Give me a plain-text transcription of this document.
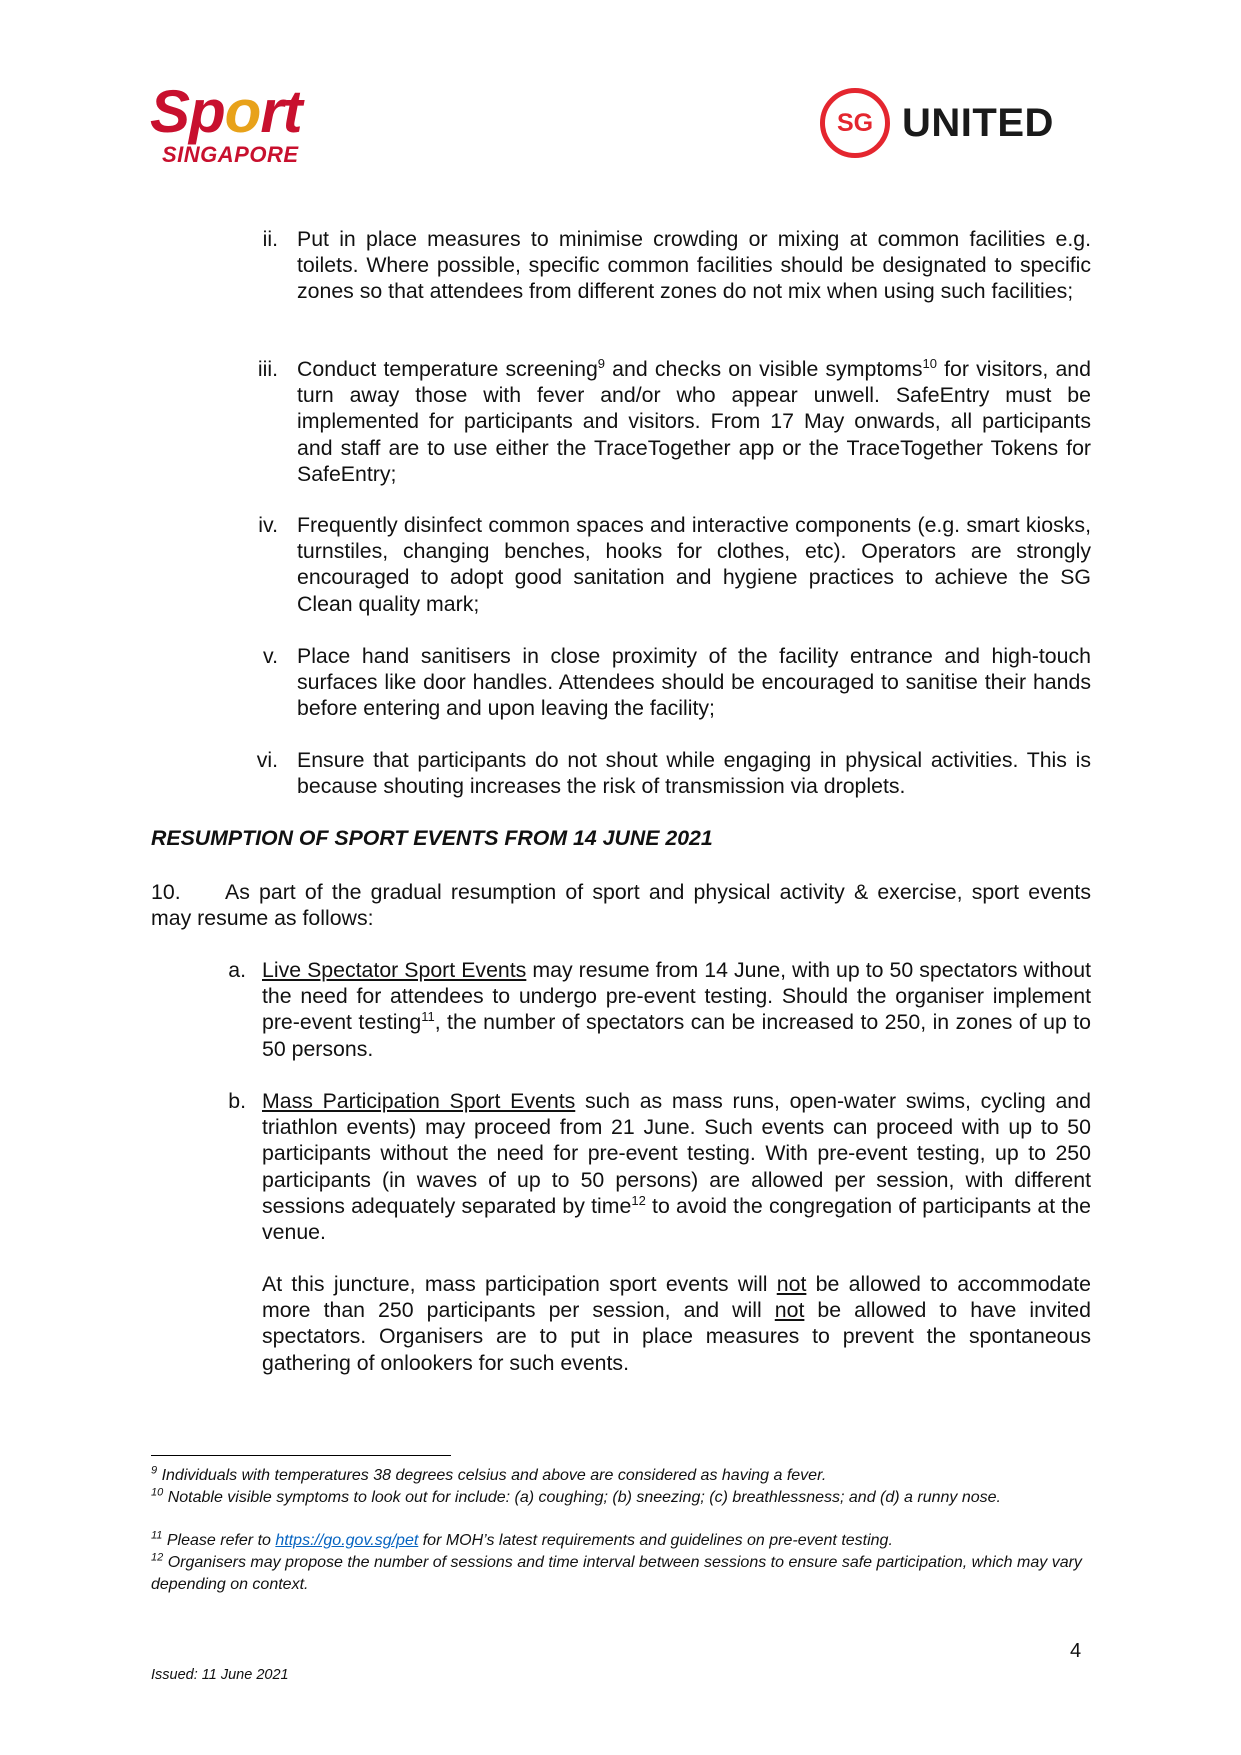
Sport
SINGAPORE
SG UNITED
ii. Put in place measures to minimise crowding or mixing at common facilities e.g. toilets. Where possible, specific common facilities should be designated to specific zones so that attendees from different zones do not mix when using such facilities;

iii. Conduct temperature screening$^9$ and checks on visible symptoms$^{10}$ for visitors, and turn away those with fever and/or who appear unwell. SafeEntry must be implemented for participants and visitors. From 17 May onwards, all participants and staff are to use either the TraceTogether app or the TraceTogether Tokens for SafeEntry;

iv. Frequently disinfect common spaces and interactive components (e.g. smart kiosks, turnstiles, changing benches, hooks for clothes, etc). Operators are strongly encouraged to adopt good sanitation and hygiene practices to achieve the SG Clean quality mark;

v. Place hand sanitisers in close proximity of the facility entrance and high-touch surfaces like door handles. Attendees should be encouraged to sanitise their hands before entering and upon leaving the facility;

vi. Ensure that participants do not shout while engaging in physical activities. This is because shouting increases the risk of transmission via droplets.

RESUMPTION OF SPORT EVENTS FROM 14 JUNE 2021

10. As part of the gradual resumption of sport and physical activity & exercise, sport events may resume as follows:

a. Live Spectator Sport Events may resume from 14 June, with up to 50 spectators without the need for attendees to undergo pre-event testing. Should the organiser implement pre-event testing$^{11}$, the number of spectators can be increased to 250, in zones of up to 50 persons.

b. Mass Participation Sport Events such as mass runs, open-water swims, cycling and triathlon events) may proceed from 21 June. Such events can proceed with up to 50 participants without the need for pre-event testing. With pre-event testing, up to 250 participants (in waves of up to 50 persons) are allowed per session, with different sessions adequately separated by time$^{12}$ to avoid the congregation of participants at the venue.

At this juncture, mass participation sport events will not be allowed to accommodate more than 250 participants per session, and will not be allowed to have invited spectators. Organisers are to put in place measures to prevent the spontaneous gathering of onlookers for such events.

$^9$ Individuals with temperatures 38 degrees celsius and above are considered as having a fever.
$^{10}$ Notable visible symptoms to look out for include: (a) coughing; (b) sneezing; (c) breathlessness; and (d) a runny nose.
$^{11}$ Please refer to https://go.gov.sg/pet for MOH’s latest requirements and guidelines on pre-event testing.
$^{12}$ Organisers may propose the number of sessions and time interval between sessions to ensure safe participation, which may vary depending on context.
4
Issued: 11 June 2021
